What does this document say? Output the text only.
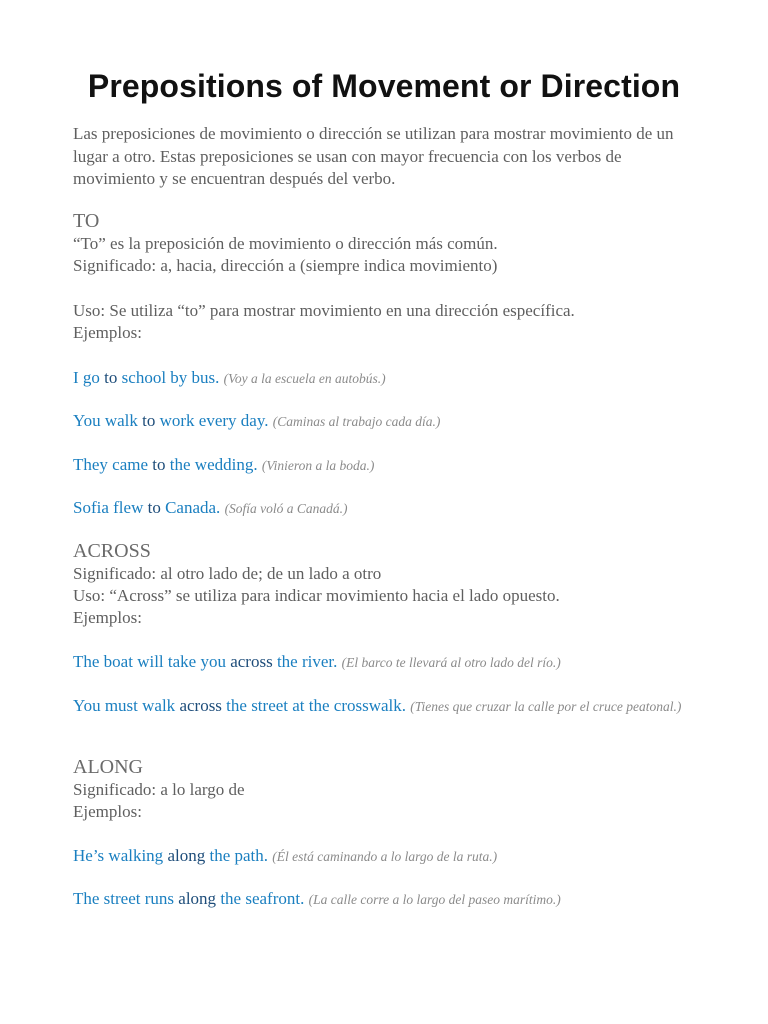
Prepositions of Movement or Direction

Las preposiciones de movimiento o dirección se utilizan para mostrar movimiento de un lugar a otro. Estas preposiciones se usan con mayor frecuencia con los verbos de movimiento y se encuentran después del verbo.

TO

“To” es la preposición de movimiento o dirección más común.

Significado: a, hacia, dirección a (siempre indica movimiento)

Uso: Se utiliza “to” para mostrar movimiento en una dirección específica.

Ejemplos:

I go to school by bus. (Voy a la escuela en autobús.)
You walk to work every day. (Caminas al trabajo cada día.)
They came to the wedding. (Vinieron a la boda.)
Sofia flew to Canada. (Sofía voló a Canadá.)

ACROSS

Significado: al otro lado de; de un lado a otro

Uso: “Across” se utiliza para indicar movimiento hacia el lado opuesto.

Ejemplos:

The boat will take you across the river. (El barco te llevará al otro lado del río.)
You must walk across the street at the crosswalk. (Tienes que cruzar la calle por el cruce peatonal.)

ALONG

Significado: a lo largo de

Ejemplos:

He’s walking along the path. (Él está caminando a lo largo de la ruta.)
The street runs along the seafront. (La calle corre a lo largo del paseo marítimo.)
